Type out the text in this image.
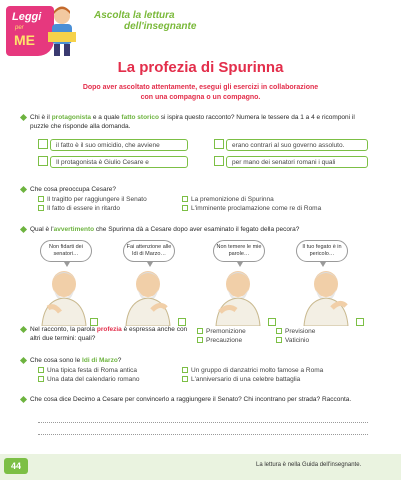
Leggi
per
ME
Ascolta la lettura
dell'insegnante
La profezia di Spurinna
Dopo aver ascoltato attentamente, esegui gli esercizi in collaborazione con una compagna o un compagno.
Chi è il protagonista e a quale fatto storico si ispira questo racconto? Numera le tessere da 1 a 4 e ricomponi il puzzle che risponde alla domanda.
il fatto è il suo omicidio, che avviene	erano contrari al suo governo assoluto.
Il protagonista è Giulio Cesare e	per mano dei senatori romani i quali
Che cosa preoccupa Cesare?
Il tragitto per raggiungere il Senato
Il fatto di essere in ritardo
La premonizione di Spurinna
L'imminente proclamazione come re di Roma
Qual è l'avvertimento che Spurinna dà a Cesare dopo aver esaminato il fegato della pecora?
Non fidarti dei senatori…
Fai attenzione alle Idi di Marzo…
Non temere le mie parole…
Il tuo fegato è in pericolo…
Nel racconto, la parola profezia è espressa anche con altri due termini: quali?
Premonizione
Precauzione
Previsione
Vaticinio
Che cosa sono le Idi di Marzo?
Una tipica festa di Roma antica
Una data del calendario romano
Un gruppo di danzatrici molto famose a Roma
L'anniversario di una celebre battaglia
Che cosa dice Decimo a Cesare per convincerlo a raggiungere il Senato? Chi incontrano per strada? Racconta.
44	La lettura è nella Guida dell'insegnante.
